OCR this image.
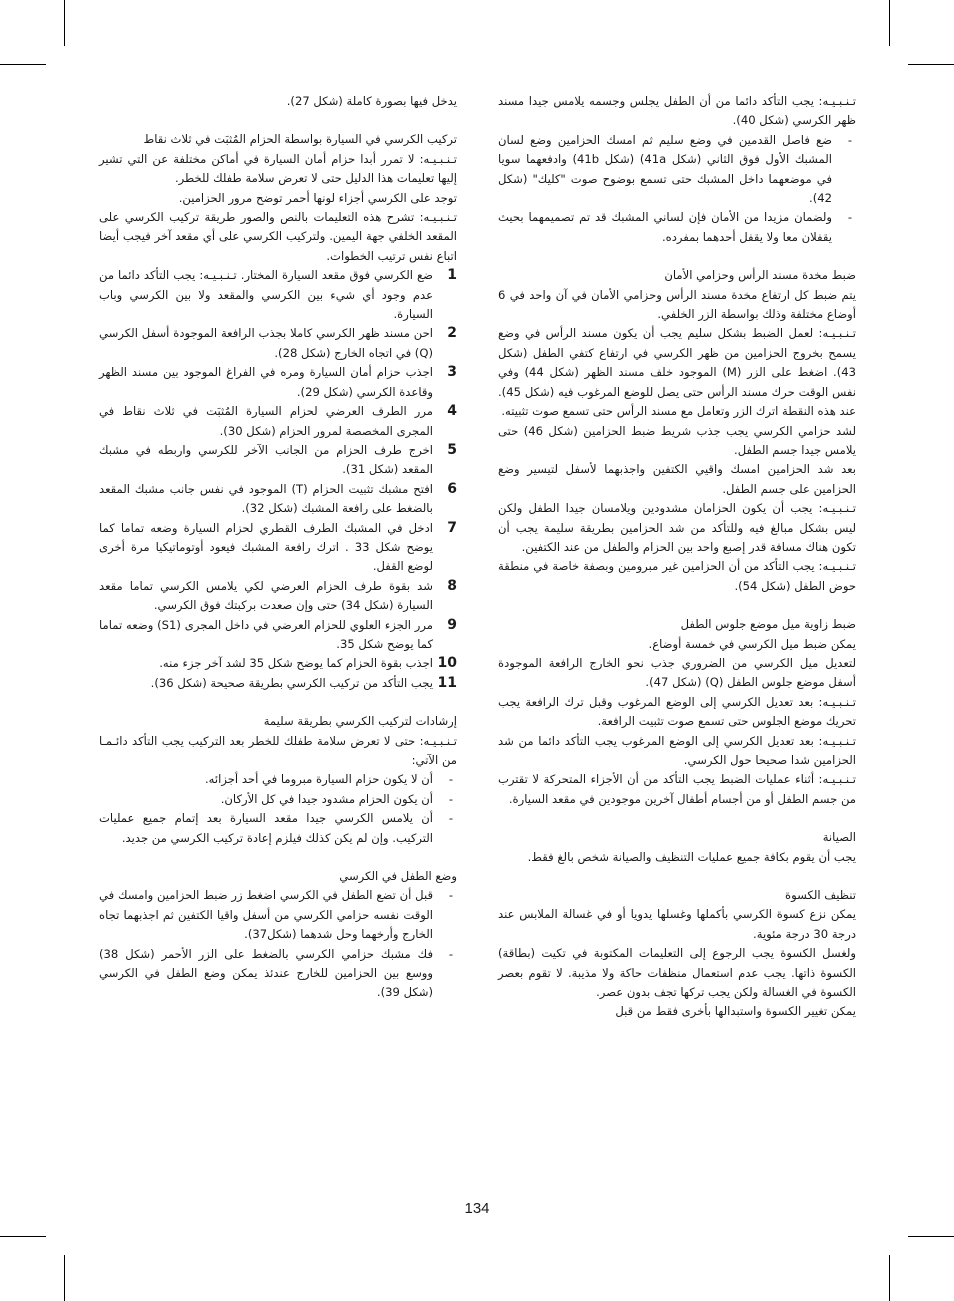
تـنـبـيـه: يجب التأكد دائما من أن الطفل يجلس وجسمه يلامس جيدا مسند ظهر الكرسي (شكل 40).

- ضع فاصل القدمين في وضع سليم ثم امسك الحزامين وضع لسان المشبك الأول فوق الثاني (شكل 41a) (شكل 41b) وادفعهما سويا في موضعهما داخل المشبك حتى تسمع بوضوح صوت "كليك" (شكل 42).
- ولضمان مزيدا من الأمان فإن لساني المشبك قد تم تصميمهما بحيث يقفلان معا ولا يقفل أحدهما بمفرده.

ضبط مخدة مسند الرأس وحزامي الأمان

يتم ضبط كل ارتفاع مخدة مسند الرأس وحزامي الأمان في آن واحد في 6 أوضاع مختلفة وذلك بواسطة الزر الخلفي.

تـنـبـيـه: لعمل الضبط بشكل سليم يجب أن يكون مسند الرأس في وضع يسمح بخروج الحزامين من ظهر الكرسي في ارتفاع كتفي الطفل (شكل 43). اضغط على الزر (M) الموجود خلف مسند الظهر (شكل 44) وفي نفس الوقت حرك مسند الرأس حتى يصل للوضع المرغوب فيه (شكل 45). عند هذه النقطة اترك الزر وتعامل مع مسند الرأس حتى تسمع صوت تثبيته.

لشد حزامي الكرسي يجب جذب شريط ضبط الحزامين (شكل 46) حتى يلامس جيدا جسم الطفل.

بعد شد الحزامين امسك واقيي الكتفين واجذبهما لأسفل لتيسير وضع الحزامين على جسم الطفل.

تـنـبـيـه: يجب أن يكون الحزامان مشدودين ويلامسان جيدا الطفل ولكن ليس بشكل مبالغ فيه وللتأكد من شد الحزامين بطريقة سليمة يجب أن تكون هناك مسافة قدر إصبع واحد بين الحزام والطفل من عند الكتفين.

تـنـبـيـه: يجب التأكد من أن الحزامين غير مبرومين وبصفة خاصة في منطقة حوض الطفل (شكل 54).

ضبط زاوية ميل موضع جلوس الطفل

يمكن ضبط ميل الكرسي في خمسة أوضاع.

لتعديل ميل الكرسي من الضروري جذب نحو الخارج الرافعة الموجودة أسفل موضع جلوس الطفل (Q) (شكل 47).

تـنـبـيـه: بعد تعديل الكرسي إلى الوضع المرغوب وقبل ترك الرافعة يجب تحريك موضع الجلوس حتى تسمع صوت تثبيت الرافعة.

تـنـبـيـه: بعد تعديل الكرسي إلى الوضع المرغوب يجب التأكد دائما من شد الحزامين شدا صحيحا حول الكرسي.

تـنـبـيـه: أثناء عمليات الضبط يجب التأكد من أن الأجزاء المتحركة لا تقترب من جسم الطفل أو من أجسام أطفال آخرين موجودين في مقعد السيارة.

الصيانة

يجب أن يقوم بكافة جميع عمليات التنظيف والصيانة شخص بالغ فقط.

تنظيف الكسوة

يمكن نزع كسوة الكرسي بأكملها وغسلها يدويا أو في غسالة الملابس عند درجة 30 درجة مئوية.

ولغسل الكسوة يجب الرجوع إلى التعليمات المكتوبة في تكيت (بطاقة) الكسوة ذاتها. يجب عدم استعمال منظفات حاكة ولا مذيبة. لا تقوم بعصر الكسوة في الغسالة ولكن يجب تركها تجف بدون عصر.

يمكن تغيير الكسوة واستبدالها بأخرى فقط من قبل

يدخل فيها بصورة كاملة (شكل 27).

تركيب الكرسي في السيارة بواسطة الحزام المُثبَت في ثلاث نقاط

تـنـبـيـه: لا تمرر أبدا حزام أمان السيارة في أماكن مختلفة عن التي تشير إليها تعليمات هذا الدليل حتى لا تعرض سلامة طفلك للخطر.

توجد على الكرسي أجزاء لونها أحمر توضح مرور الحزامين.

تـنـبـيـه: تشرح هذه التعليمات بالنص والصور طريقة تركيب الكرسي على المقعد الخلفي جهة اليمين. ولتركيب الكرسي على أي مقعد آخر فيجب أيضا اتباع نفس ترتيب الخطوات.

1
ضع الكرسي فوق مقعد السيارة المختار. تـنـبـيـه: يجب التأكد دائما من عدم وجود أي شيء بين الكرسي والمقعد ولا بين الكرسي وباب السيارة.
2
احن مسند ظهر الكرسي كاملا بجذب الرافعة الموجودة أسفل الكرسي (Q) في اتجاه الخارج (شكل 28).
3
اجذب حزام أمان السيارة ومره في الفراغ الموجود بين مسند الظهر وقاعدة الكرسي (شكل 29).
4
مرر الطرف العرضي لحزام السيارة المُثبَت في ثلاث نقاط في المجرى المخصصة لمرور الحزام (شكل 30).
5
اخرج طرف الحزام من الجانب الآخر للكرسي واربطه في مشبك المقعد (شكل 31).
6
افتح مشبك تثبيت الحزام (T) الموجود في نفس جانب مشبك المقعد بالضغط على رافعة المشبك (شكل 32).
7
ادخل في المشبك الطرف القطري لحزام السيارة وضعه تماما كما يوضح شكل 33 . اترك رافعة المشبك فيعود أوتوماتيكيا مرة أخرى لوضع القفل.
8
شد بقوة طرف الحزام العرضي لكي يلامس الكرسي تماما مقعد السيارة (شكل 34) حتى وإن صعدت بركبتك فوق الكرسي.
9
مرر الجزء العلوي للحزام العرضي في داخل المجرى (S1) وضعه تماما كما يوضح شكل 35.
10
اجذب بقوة الحزام كما يوضح شكل 35 لشد آخر جزء منه.
11
يجب التأكد من تركيب الكرسي بطريقة صحيحة (شكل 36).

إرشادات لتركيب الكرسي بطريقة سليمة

تـنـبـيـه: حتى لا تعرض سلامة طفلك للخطر بعد التركيب يجب التأكد دائـمـا من الآتي:

- أن لا يكون حزام السيارة مبروما في أحد أجزائه.
- أن يكون الحزام مشدود جيدا في كل الأركان.
- أن يلامس الكرسي جيدا مقعد السيارة بعد إتمام جميع عمليات التركيب. وإن لم يكن كذلك فيلزم إعادة تركيب الكرسي من جديد.

وضع الطفل في الكرسي

- قبل أن تضع الطفل في الكرسي اضغط زر ضبط الحزامين وامسك في الوقت نفسه حزامي الكرسي من أسفل واقيا الكتفين ثم اجذبهما تجاه الخارج وأرخهما وحل شدهما (شكل37).
- فك مشبك حزامي الكرسي بالضغط على الزر الأحمر (شكل 38) ووسع بين الحزامين للخارج عندئذ يمكن وضع الطفل في الكرسي (شكل 39).
134
